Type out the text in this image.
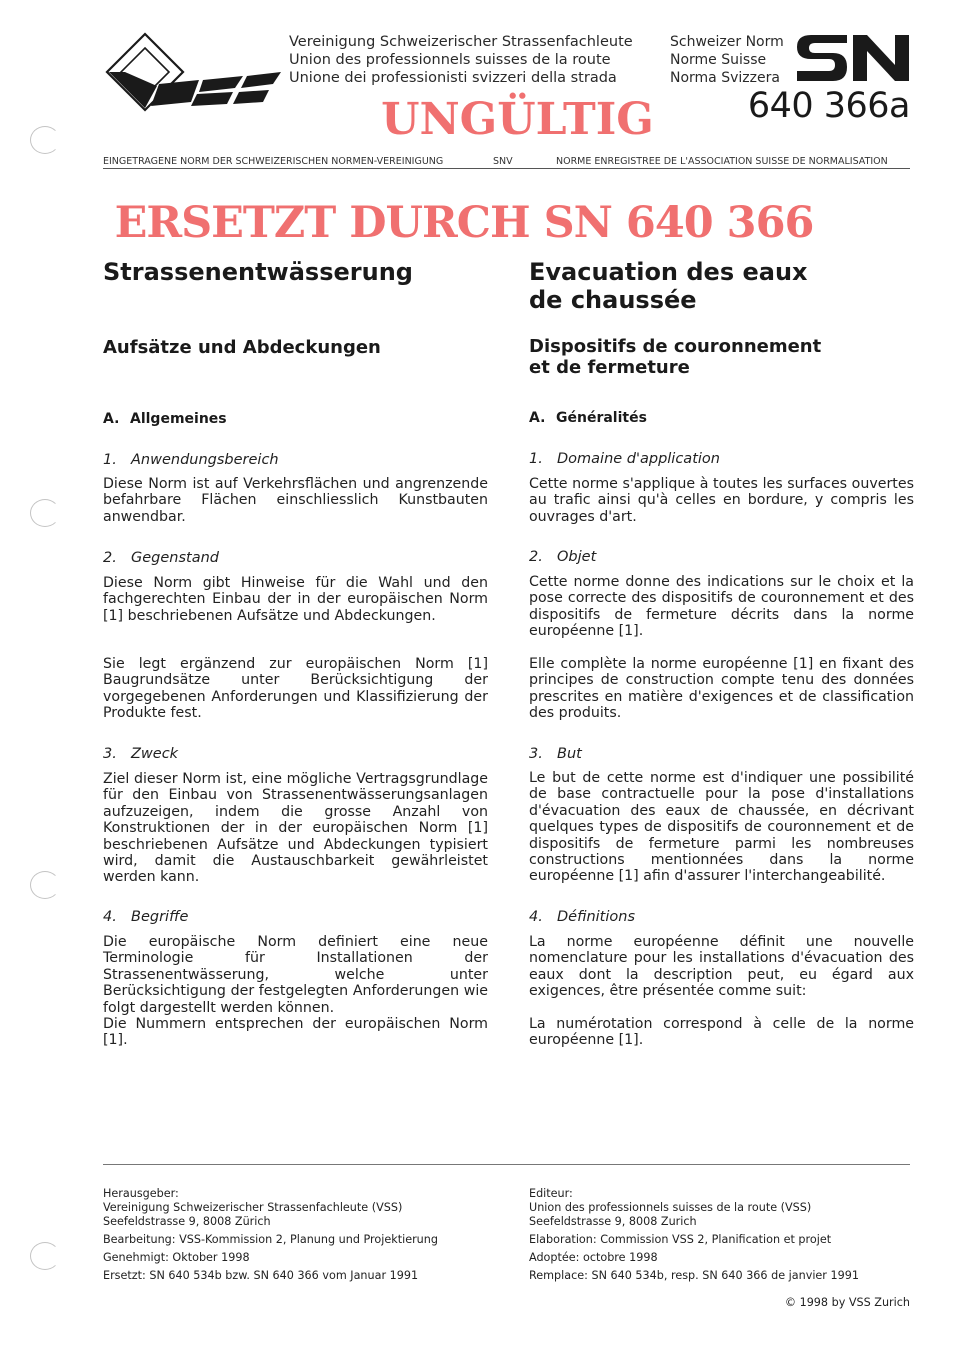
Vereinigung Schweizerischer Strassenfachleute
Union des professionnels suisses de la route
Unione dei professionisti svizzeri della strada
Schweizer Norm
Norme Suisse
Norma Svizzera
640 366a
UNGÜLTIG
EINGETRAGENE NORM DER SCHWEIZERISCHEN NORMEN-VEREINIGUNG	SNV	NORME ENREGISTREE DE L'ASSOCIATION SUISSE DE NORMALISATION
ERSETZT DURCH SN 640 366
Strassenentwässerung
Aufsätze und Abdeckungen
A. Allgemeines
1. Anwendungsbereich
Diese Norm ist auf Verkehrsflächen und angrenzende befahrbare Flächen einschliesslich Kunstbauten anwendbar.
2. Gegenstand
Diese Norm gibt Hinweise für die Wahl und den fachgerechten Einbau der in der europäischen Norm [1] beschriebenen Aufsätze und Abdeckungen.
Sie legt ergänzend zur europäischen Norm [1] Baugrundsätze unter Berücksichtigung der vorgegebenen Anforderungen und Klassifizierung der Produkte fest.
3. Zweck
Ziel dieser Norm ist, eine mögliche Vertragsgrundlage für den Einbau von Strassenentwässerungsanlagen aufzuzeigen, indem die grosse Anzahl von Konstruktionen der in der europäischen Norm [1] beschriebenen Aufsätze und Abdeckungen typisiert wird, damit die Austauschbarkeit gewährleistet werden kann.
4. Begriffe
Die europäische Norm definiert eine neue Terminologie für Installationen der Strassenentwässerung, welche unter Berücksichtigung der festgelegten Anforderungen wie folgt dargestellt werden können.
Die Nummern entsprechen der europäischen Norm [1].
Evacuation des eaux
de chaussée
Dispositifs de couronnement
et de fermeture
A. Généralités
1. Domaine d'application
Cette norme s'applique à toutes les surfaces ouvertes au trafic ainsi qu'à celles en bordure, y compris les ouvrages d'art.
2. Objet
Cette norme donne des indications sur le choix et la pose correcte des dispositifs de couronnement et des dispositifs de fermeture décrits dans la norme européenne [1].
Elle complète la norme européenne [1] en fixant des principes de construction compte tenu des données prescrites en matière d'exigences et de classification des produits.
3. But
Le but de cette norme est d'indiquer une possibilité de base contractuelle pour la pose d'installations d'évacuation des eaux de chaussée, en décrivant quelques types de dispositifs de couronnement et de dispositifs de fermeture parmi les nombreuses constructions mentionnées dans la norme européenne [1] afin d'assurer l'interchangeabilité.
4. Définitions
La norme européenne définit une nouvelle nomenclature pour les installations d'évacuation des eaux dont la description peut, eu égard aux exigences, être présentée comme suit:
La numérotation correspond à celle de la norme européenne [1].
Herausgeber:
Vereinigung Schweizerischer Strassenfachleute (VSS)
Seefeldstrasse 9, 8008 Zürich
Bearbeitung: VSS-Kommission 2, Planung und Projektierung
Genehmigt: Oktober 1998
Ersetzt: SN 640 534b bzw. SN 640 366 vom Januar 1991
Editeur:
Union des professionnels suisses de la route (VSS)
Seefeldstrasse 9, 8008 Zurich
Elaboration: Commission VSS 2, Planification et projet
Adoptée: octobre 1998
Remplace: SN 640 534b, resp. SN 640 366 de janvier 1991
© 1998 by VSS Zurich
